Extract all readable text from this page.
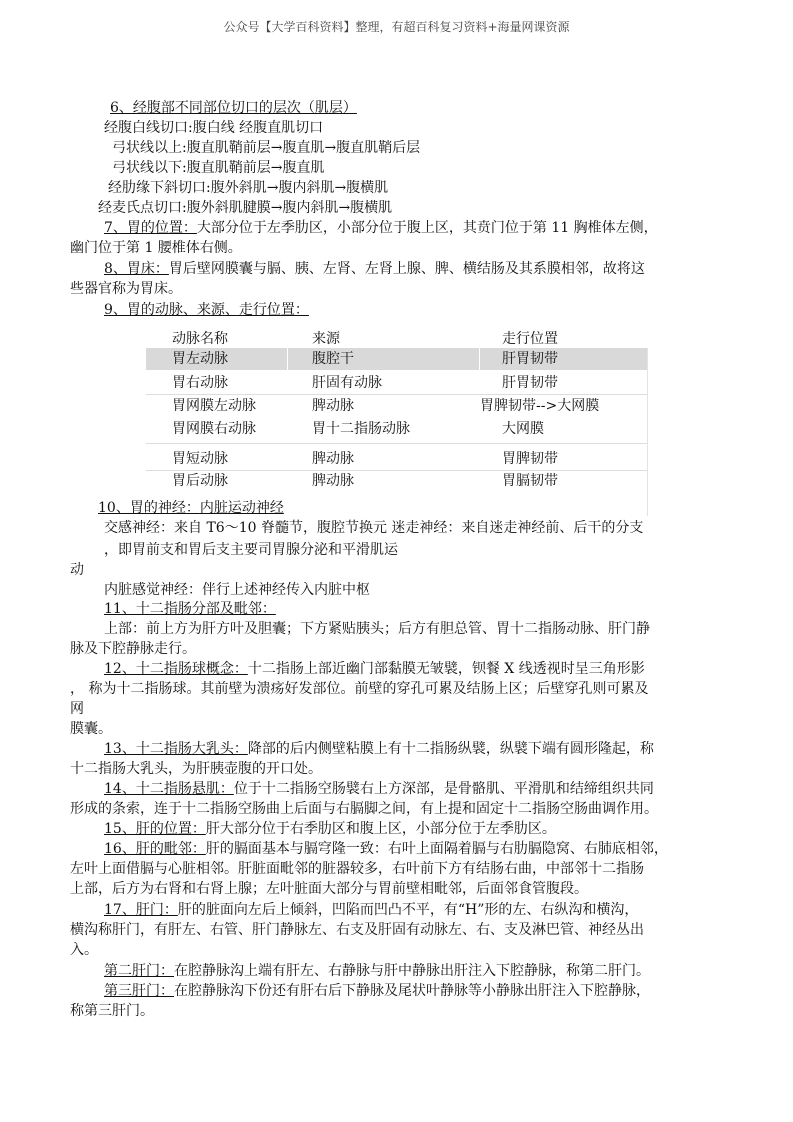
公众号【大学百科资料】整理，有超百科复习资料+海量网课资源
6、经腹部不同部位切口的层次（肌层）
经腹白线切口:腹白线 经腹直肌切口
弓状线以上:腹直肌鞘前层→腹直肌→腹直肌鞘后层
弓状线以下:腹直肌鞘前层→腹直肌
经肋缘下斜切口:腹外斜肌→腹内斜肌→腹横肌
经麦氏点切口:腹外斜肌腱膜→腹内斜肌→腹横肌
7、胃的位置：大部分位于左季肋区，小部分位于腹上区，其贲门位于第 11 胸椎体左侧，
幽门位于第 1 腰椎体右侧。
8、胃床：胃后壁网膜囊与膈、胰、左肾、左肾上腺、脾、横结肠及其系膜相邻，故将这
些器官称为胃床。
9、胃的动脉、来源、走行位置：
动脉名称	来源	走行位置
胃左动脉	腹腔干	肝胃韧带
胃右动脉	肝固有动脉	肝胃韧带
胃网膜左动脉	脾动脉	胃脾韧带-->大网膜
胃网膜右动脉	胃十二指肠动脉	大网膜
胃短动脉	脾动脉	胃脾韧带
胃后动脉	脾动脉	胃膈韧带
10、胃的神经：内脏运动神经
交感神经：来自 T6～10 脊髓节，腹腔节换元 迷走神经：来自迷走神经前、后干的分支
，即胃前支和胃后支主要司胃腺分泌和平滑肌运
动
内脏感觉神经：伴行上述神经传入内脏中枢
11、十二指肠分部及毗邻：
上部：前上方为肝方叶及胆囊；下方紧贴胰头；后方有胆总管、胃十二指肠动脉、肝门静
脉及下腔静脉走行。
12、十二指肠球概念：十二指肠上部近幽门部黏膜无皱襞，钡餐 X 线透视时呈三角形影
， 称为十二指肠球。其前壁为溃疡好发部位。前壁的穿孔可累及结肠上区；后壁穿孔则可累及
网
膜囊。
13、十二指肠大乳头：降部的后内侧壁粘膜上有十二指肠纵襞，纵襞下端有圆形隆起，称
十二指肠大乳头，为肝胰壶腹的开口处。
14、十二指肠悬肌：位于十二指肠空肠襞右上方深部，是骨骼肌、平滑肌和结缔组织共同
形成的条索，连于十二指肠空肠曲上后面与右膈脚之间，有上提和固定十二指肠空肠曲调作用。
15、肝的位置：肝大部分位于右季肋区和腹上区，小部分位于左季肋区。
16、肝的毗邻：肝的膈面基本与膈穹隆一致：右叶上面隔着膈与右肋膈隐窝、右肺底相邻，
左叶上面借膈与心脏相邻。肝脏面毗邻的脏器较多，右叶前下方有结肠右曲，中部邻十二指肠
上部，后方为右肾和右肾上腺；左叶脏面大部分与胃前壁相毗邻，后面邻食管腹段。
17、肝门：肝的脏面向左后上倾斜，凹陷而凹凸不平，有“H”形的左、右纵沟和横沟，
横沟称肝门，有肝左、右管、肝门静脉左、右支及肝固有动脉左、右、支及淋巴管、神经丛出
入。
第二肝门：在腔静脉沟上端有肝左、右静脉与肝中静脉出肝注入下腔静脉，称第二肝门。
第三肝门：在腔静脉沟下份还有肝右后下静脉及尾状叶静脉等小静脉出肝注入下腔静脉，
称第三肝门。
